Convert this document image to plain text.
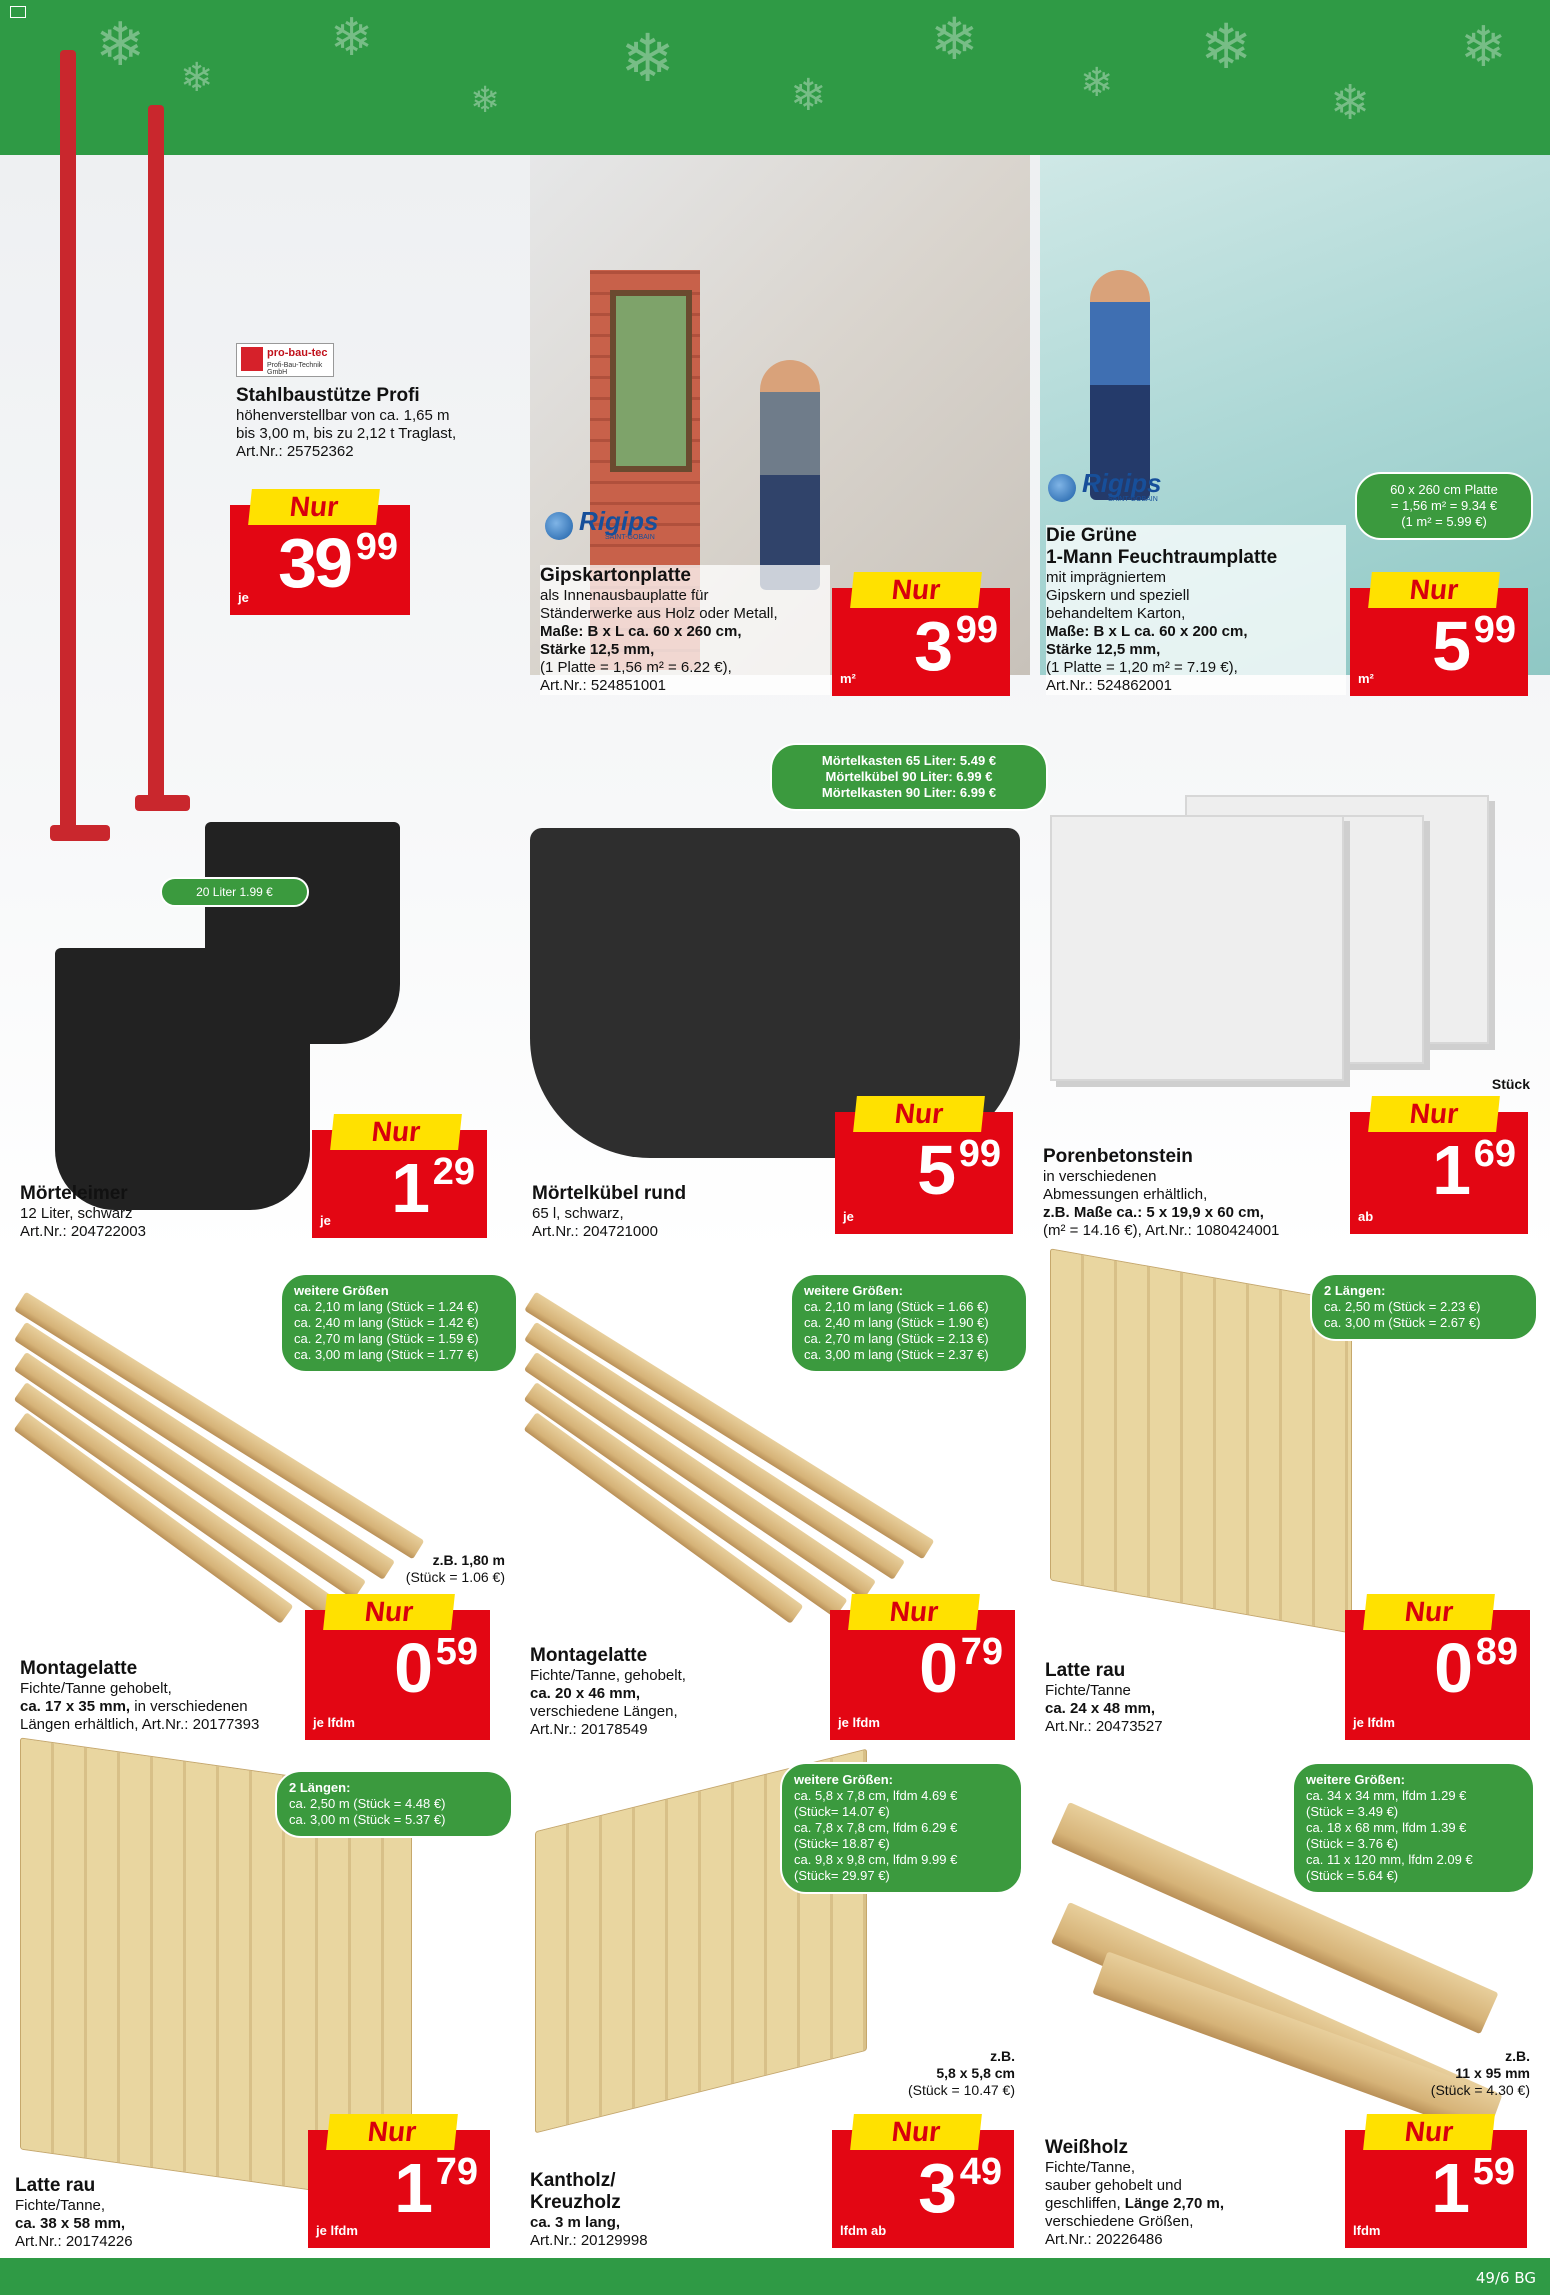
❄ ❄
❄
❄
❄	❄
❄
❄ ❄
❄
❄
pro-bau-tec
Profi-Bau-Technik GmbH
Stahlbaustütze Profi
höhenverstellbar von ca. 1,65 m
bis 3,00 m, bis zu 2,12 t Traglast,
Art.Nr.: 25752362
Nur
je 39 99
Rigips
SAINT-GOBAIN
Gipskartonplatte
als Innenausbauplatte für
Ständerwerke aus Holz oder Metall,
Maße: B x L ca. 60 x 260 cm,
Stärke 12,5 mm,
(1 Platte = 1,56 m² = 6.22 €),
Art.Nr.: 524851001
Nur
m² 3 99
Rigips
SAINT-GOBAIN
Die Grüne
1-Mann Feuchtraumplatte
mit imprägniertem
Gipskern und speziell
behandeltem Karton,
Maße: B x L ca. 60 x 200 cm,
Stärke 12,5 mm,
(1 Platte = 1,20 m² = 7.19 €),
Art.Nr.: 524862001
60 x 260 cm Platte
= 1,56 m² = 9.34 €
(1 m² = 5.99 €)
Nur
m² 5 99
20 Liter 1.99 €
Mörtelkasten 65 Liter: 5.49 €
Mörtelkübel 90 Liter: 6.99 €
Mörtelkasten 90 Liter: 6.99 €
Mörteleimer
12 Liter, schwarz
Art.Nr.: 204722003
Nur
je 1 29
Mörtelkübel rund
65 l, schwarz,
Art.Nr.: 204721000
Nur
je
5 99 Porenbetonstein
in verschiedenen
Abmessungen erhältlich,
z.B. Maße ca.: 5 x 19,9 x 60 cm,
(m² = 14.16 €), Art.Nr.: 1080424001
Stück
Nur
ab
1 69
weitere Größen
ca. 2,10 m lang (Stück = 1.24 €)
ca. 2,40 m lang (Stück = 1.42 €)
ca. 2,70 m lang (Stück = 1.59 €)
ca. 3,00 m lang (Stück = 1.77 €)
weitere Größen:
ca. 2,10 m lang (Stück = 1.66 €)
ca. 2,40 m lang (Stück = 1.90 €)
ca. 2,70 m lang (Stück = 2.13 €)
ca. 3,00 m lang (Stück = 2.37 €)
2 Längen:
ca. 2,50 m (Stück = 2.23 €)
ca. 3,00 m (Stück = 2.67 €)
z.B. 1,80 m
(Stück = 1.06 €)
Montagelatte
Fichte/Tanne gehobelt,
ca. 17 x 35 mm, in verschiedenen
Längen erhältlich, Art.Nr.: 20177393
Nur
je lfdm
0 59	Montagelatte
Fichte/Tanne, gehobelt,
ca. 20 x 46 mm,
verschiedene Längen,
Art.Nr.: 20178549
Nur
je lfdm
0 79 Latte rau
Fichte/Tanne
ca. 24 x 48 mm,
Art.Nr.: 20473527
Nur
je lfdm
0 89
2 Längen:
ca. 2,50 m (Stück = 4.48 €)
ca. 3,00 m (Stück = 5.37 €)
weitere Größen:
ca. 5,8 x 7,8 cm, lfdm 4.69 €
(Stück= 14.07 €)
ca. 7,8 x 7,8 cm, lfdm 6.29 €
(Stück= 18.87 €)
ca. 9,8 x 9,8 cm, lfdm 9.99 €
(Stück= 29.97 €)
weitere Größen:
ca. 34 x 34 mm, lfdm 1.29 €
(Stück = 3.49 €)
ca. 18 x 68 mm, lfdm 1.39 €
(Stück = 3.76 €)
ca. 11 x 120 mm, lfdm 2.09 €
(Stück = 5.64 €)
z.B.
5,8 x 5,8 cm
(Stück = 10.47 €)
z.B.
11 x 95 mm
(Stück = 4.30 €)
Latte rau
Fichte/Tanne,
ca. 38 x 58 mm,
Art.Nr.: 20174226
Nur
je lfdm
1 79	Kantholz/
Kreuzholz
ca. 3 m lang,
Art.Nr.: 20129998
Nur
lfdm ab
3 49
Weißholz
Fichte/Tanne,
sauber gehobelt und
geschliffen, Länge 2,70 m,
verschiedene Größen,
Art.Nr.: 20226486
Nur
lfdm
1 59
49/6 BG
